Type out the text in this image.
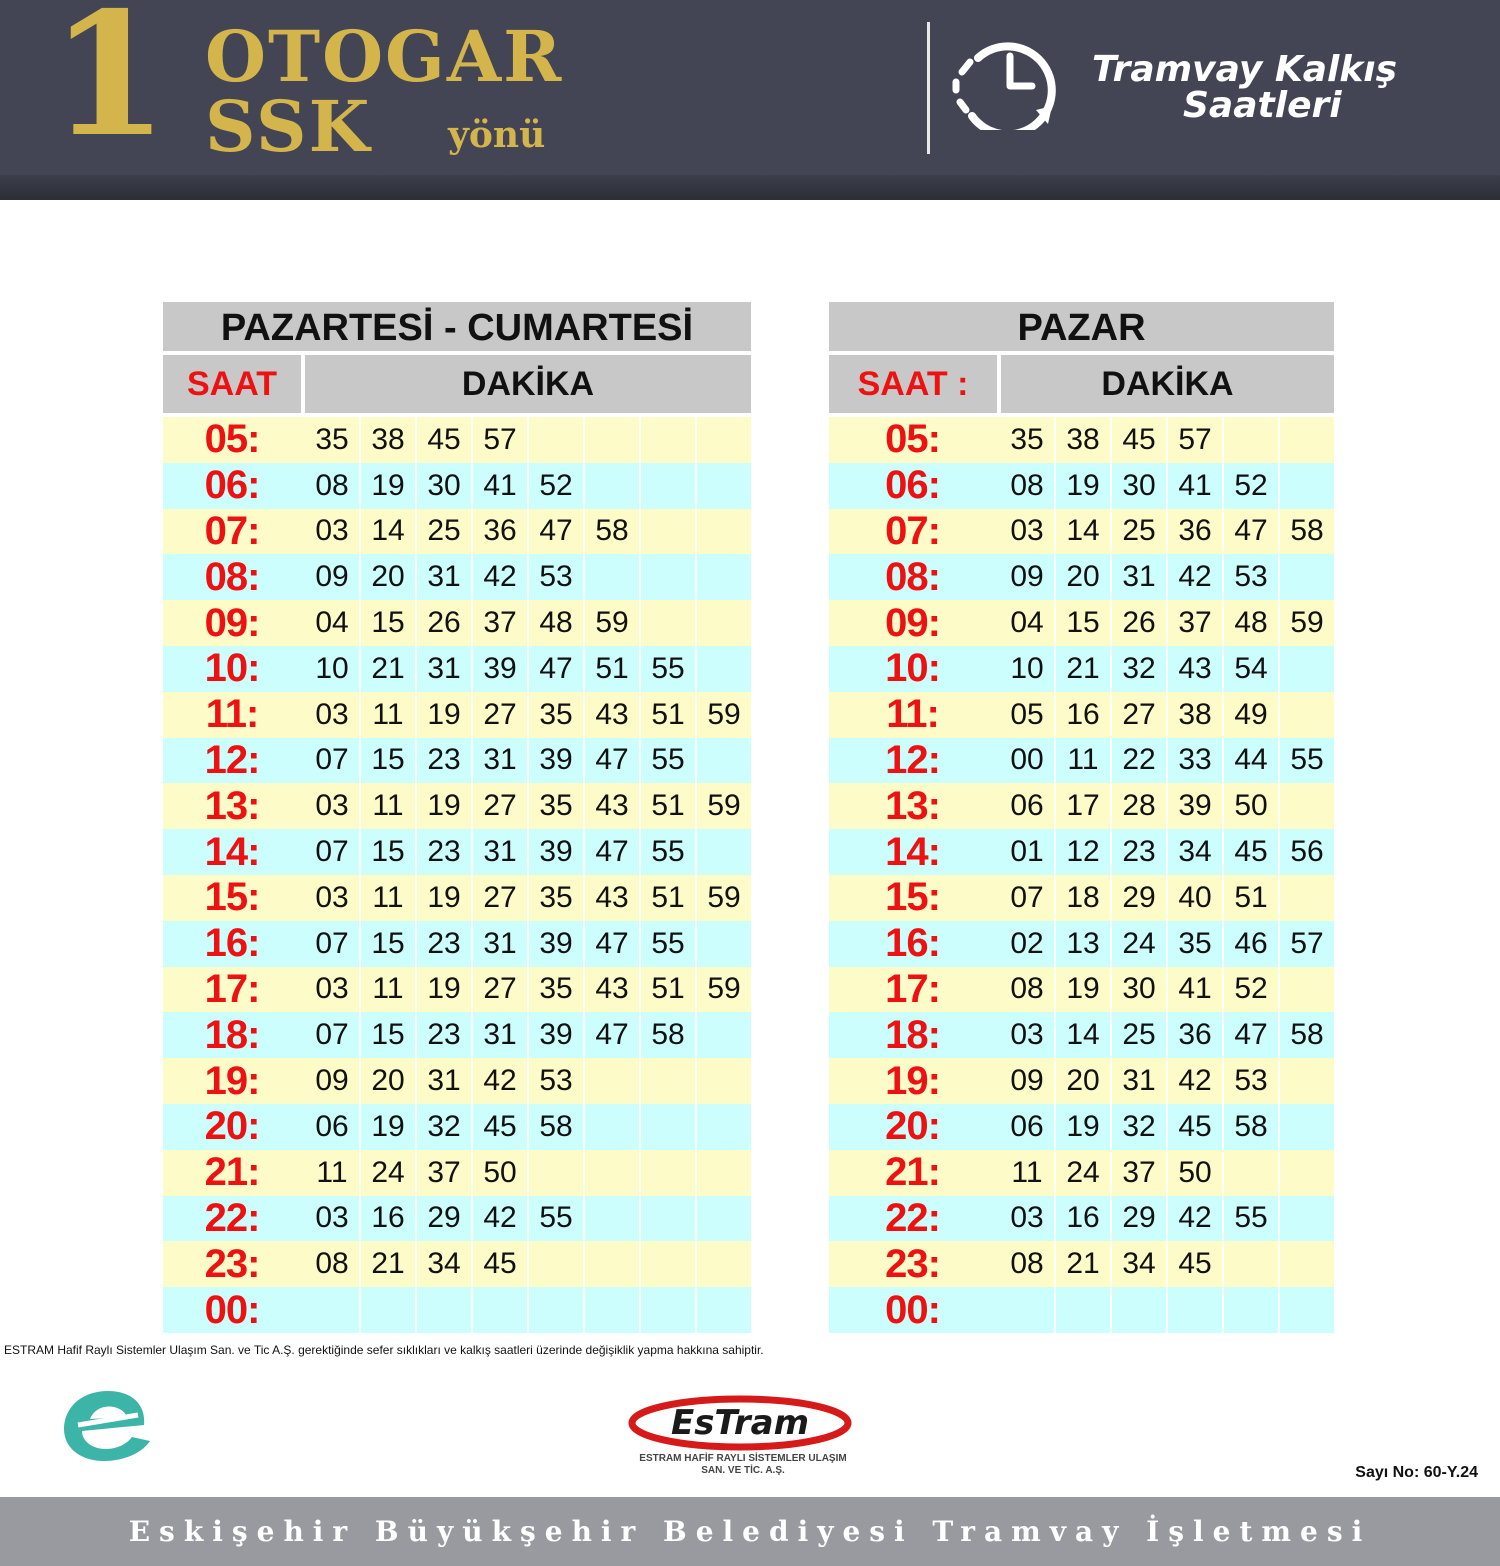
1 OTOGAR
SSK yönü
Tramvay Kalkış
Saatleri
PAZARTESİ - CUMARTESİ
SAAT	DAKİKA
05:	35 38 45 57
06:	08 19 30 41 52
07:	03 14 25 36 47 58
08:	09 20 31 42 53
09:	04 15 26 37 48 59
10:	10 21 31 39 47 51 55
11:	03 11 19 27 35 43 51 59
12:	07 15 23 31 39 47 55
13:	03 11 19 27 35 43 51 59
14:	07 15 23 31 39 47 55
15:	03 11 19 27 35 43 51 59
16:	07 15 23 31 39 47 55
17:	03 11 19 27 35 43 51 59
18:	07 15 23 31 39 47 58
19:	09 20 31 42 53
20:	06 19 32 45 58
21:	11 24 37 50
22:	03 16 29 42 55
23:	08 21 34 45
00:
PAZAR
SAAT :	DAKİKA
05:	35 38 45 57
06:	08 19 30 41 52
07:	03 14 25 36 47 58
08:	09 20 31 42 53
09:	04 15 26 37 48 59
10:	10 21 32 43 54
11:	05 16 27 38 49
12:	00 11 22 33 44 55
13:	06 17 28 39 50
14:	01 12 23 34 45 56
15:	07 18 29 40 51
16:	02 13 24 35 46 57
17:	08 19 30 41 52
18:	03 14 25 36 47 58
19:	09 20 31 42 53
20:	06 19 32 45 58
21:	11 24 37 50
22:	03 16 29 42 55
23:	08 21 34 45
00:
ESTRAM Hafif Raylı Sistemler Ulaşım San. ve Tic A.Ş. gerektiğinde sefer sıklıkları ve kalkış saatleri üzerinde değişiklik yapma hakkına sahiptir.
EsTram
ESTRAM HAFİF RAYLI SİSTEMLER ULAŞIM
SAN. VE TİC. A.Ş.	Sayı No: 60-Y.24
Eskişehir Büyükşehir Belediyesi Tramvay İşletmesi
